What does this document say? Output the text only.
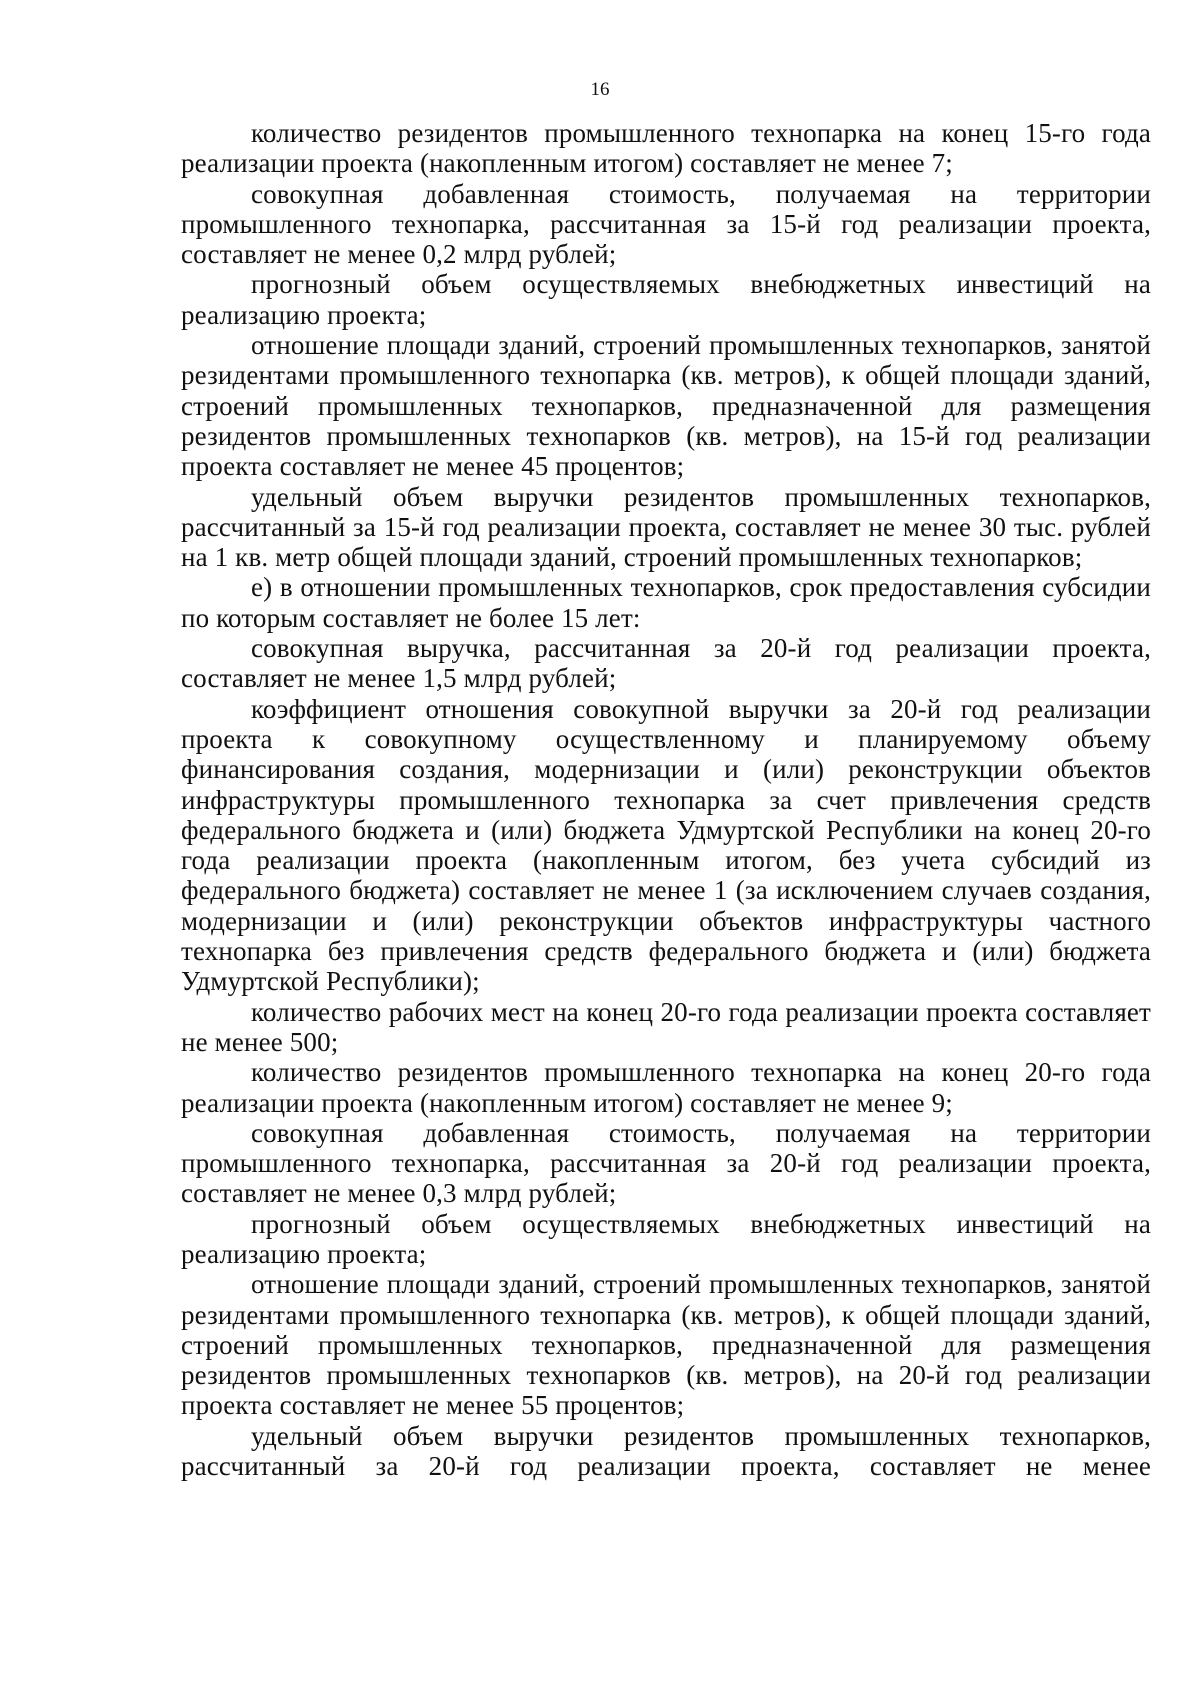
16

количество резидентов промышленного технопарка на конец 15-го года реализации проекта (накопленным итогом) составляет не менее 7;

совокупная добавленная стоимость, получаемая на территории промышленного технопарка, рассчитанная за 15-й год реализации проекта, составляет не менее 0,2 млрд рублей;

прогнозный объем осуществляемых внебюджетных инвестиций на реализацию проекта;

отношение площади зданий, строений промышленных технопарков, занятой резидентами промышленного технопарка (кв. метров), к общей площади зданий, строений промышленных технопарков, предназначенной для размещения резидентов промышленных технопарков (кв. метров), на 15-й год реализации проекта составляет не менее 45 процентов;

удельный объем выручки резидентов промышленных технопарков, рассчитанный за 15-й год реализации проекта, составляет не менее 30 тыс. рублей на 1 кв. метр общей площади зданий, строений промышленных технопарков;

е) в отношении промышленных технопарков, срок предоставления субсидии по которым составляет не более 15 лет:

совокупная выручка, рассчитанная за 20-й год реализации проекта, составляет не менее 1,5 млрд рублей;

коэффициент отношения совокупной выручки за 20-й год реализации проекта к совокупному осуществленному и планируемому объему финансирования создания, модернизации и (или) реконструкции объектов инфраструктуры промышленного технопарка за счет привлечения средств федерального бюджета и (или) бюджета Удмуртской Республики на конец 20-го года реализации проекта (накопленным итогом, без учета субсидий из федерального бюджета) составляет не менее 1 (за исключением случаев создания, модернизации и (или) реконструкции объектов инфраструктуры частного технопарка без привлечения средств федерального бюджета и (или) бюджета Удмуртской Республики);

количество рабочих мест на конец 20-го года реализации проекта составляет не менее 500;

количество резидентов промышленного технопарка на конец 20-го года реализации проекта (накопленным итогом) составляет не менее 9;

совокупная добавленная стоимость, получаемая на территории промышленного технопарка, рассчитанная за 20-й год реализации проекта, составляет не менее 0,3 млрд рублей;

прогнозный объем осуществляемых внебюджетных инвестиций на реализацию проекта;

отношение площади зданий, строений промышленных технопарков, занятой резидентами промышленного технопарка (кв. метров), к общей площади зданий, строений промышленных технопарков, предназначенной для размещения резидентов промышленных технопарков (кв. метров), на 20-й год реализации проекта составляет не менее 55 процентов;

удельный объем выручки резидентов промышленных технопарков, рассчитанный за 20-й год реализации проекта, составляет не менее
